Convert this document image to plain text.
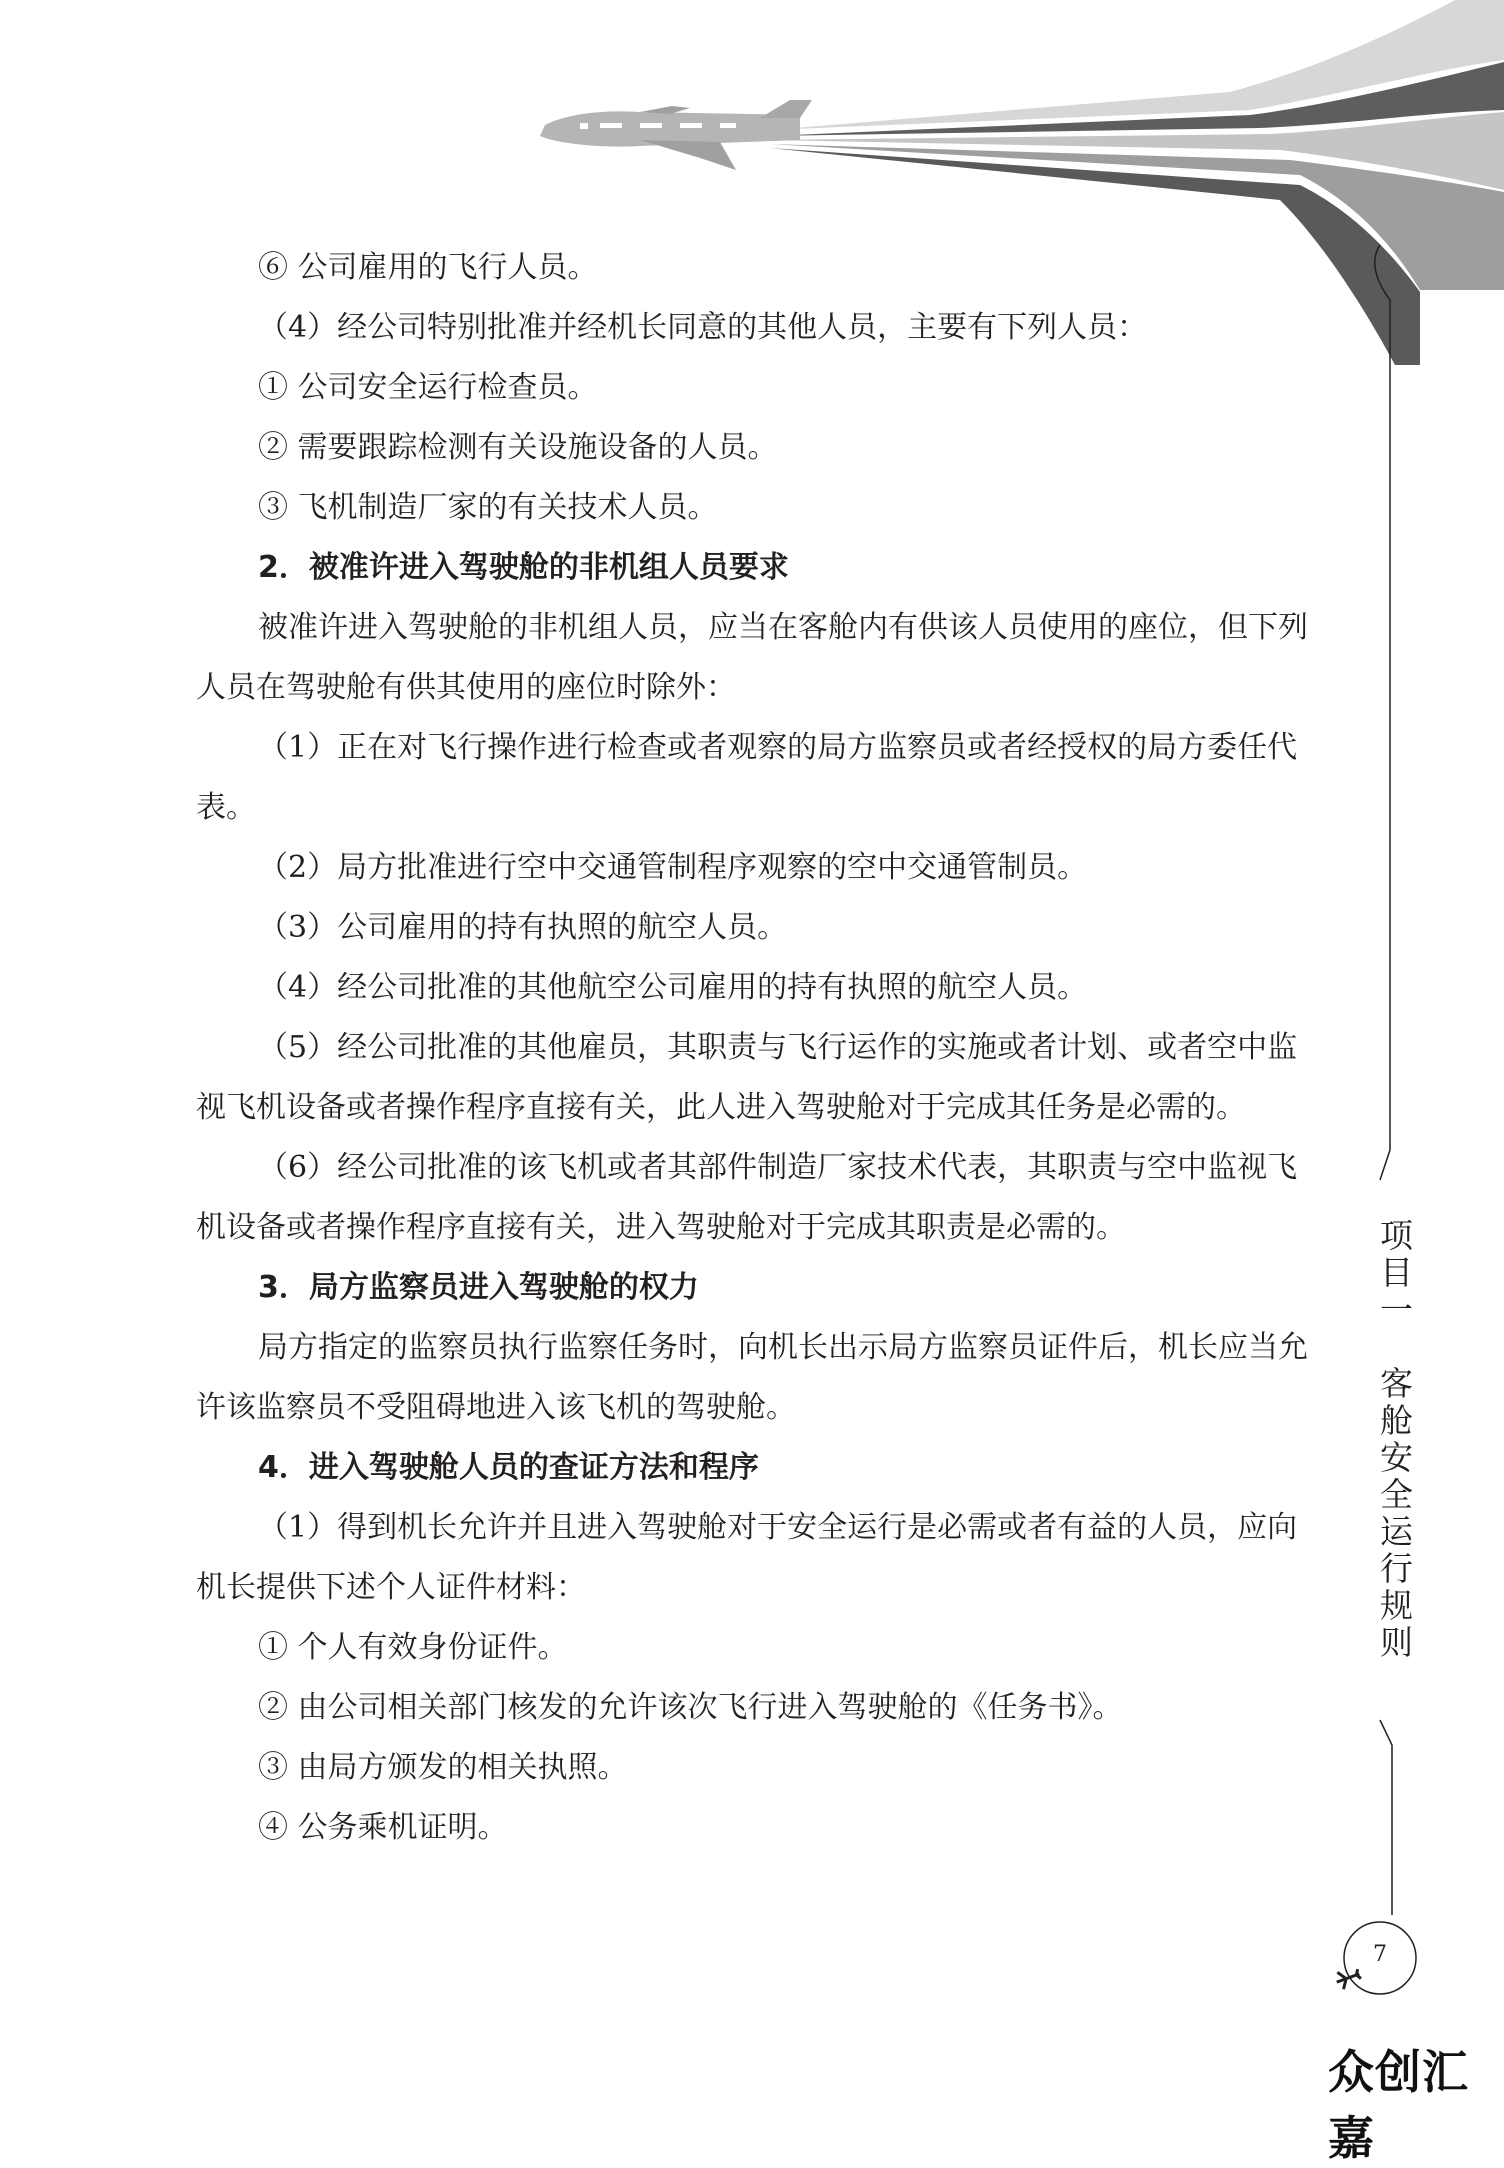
⑥ 公司雇用的飞行人员。

（4）经公司特别批准并经机长同意的其他人员，主要有下列人员：

① 公司安全运行检查员。

② 需要跟踪检测有关设施设备的人员。

③ 飞机制造厂家的有关技术人员。

2．被准许进入驾驶舱的非机组人员要求

被准许进入驾驶舱的非机组人员，应当在客舱内有供该人员使用的座位，但下列人员在驾驶舱有供其使用的座位时除外：

（1）正在对飞行操作进行检查或者观察的局方监察员或者经授权的局方委任代表。

（2）局方批准进行空中交通管制程序观察的空中交通管制员。

（3）公司雇用的持有执照的航空人员。

（4）经公司批准的其他航空公司雇用的持有执照的航空人员。

（5）经公司批准的其他雇员，其职责与飞行运作的实施或者计划、或者空中监视飞机设备或者操作程序直接有关，此人进入驾驶舱对于完成其任务是必需的。

（6）经公司批准的该飞机或者其部件制造厂家技术代表，其职责与空中监视飞机设备或者操作程序直接有关，进入驾驶舱对于完成其职责是必需的。

3．局方监察员进入驾驶舱的权力

局方指定的监察员执行监察任务时，向机长出示局方监察员证件后，机长应当允许该监察员不受阻碍地进入该飞机的驾驶舱。

4．进入驾驶舱人员的查证方法和程序

（1）得到机长允许并且进入驾驶舱对于安全运行是必需或者有益的人员，应向机长提供下述个人证件材料：

① 个人有效身份证件。

② 由公司相关部门核发的允许该次飞行进入驾驶舱的《任务书》。

③ 由局方颁发的相关执照。

④ 公务乘机证明。

项目一　客舱安全运行规则
7
众创汇嘉
